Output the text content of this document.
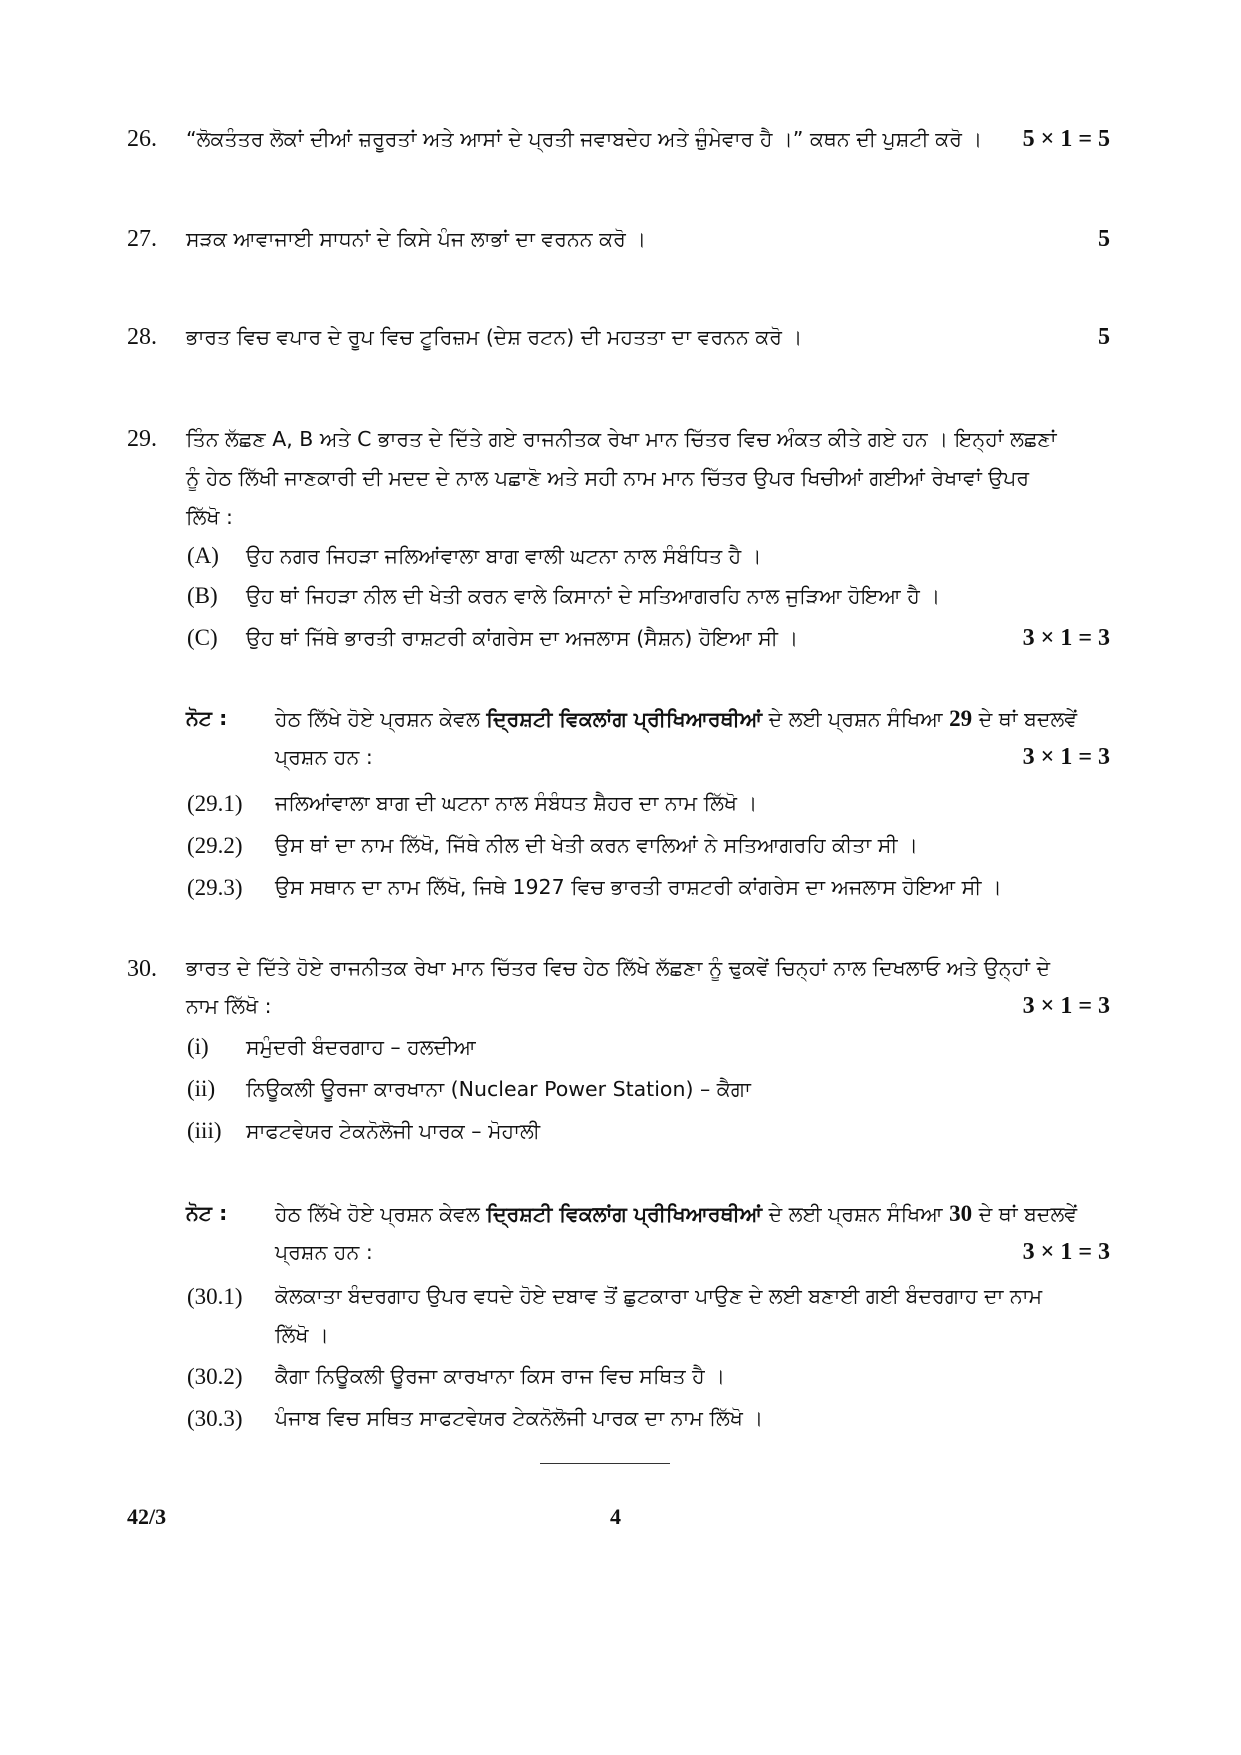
26. “ਲੋਕਤੰਤਰ ਲੋਕਾਂ ਦੀਆਂ ਜ਼ਰੂਰਤਾਂ ਅਤੇ ਆਸਾਂ ਦੇ ਪ੍ਰਤੀ ਜਵਾਬਦੇਹ ਅਤੇ ਜ਼ੁੰਮੇਵਾਰ ਹੈ ।” ਕਥਨ ਦੀ ਪੁਸ਼ਟੀ ਕਰੋ । 5 × 1 = 5
27. ਸੜਕ ਆਵਾਜਾਈ ਸਾਧਨਾਂ ਦੇ ਕਿਸੇ ਪੰਜ ਲਾਭਾਂ ਦਾ ਵਰਨਨ ਕਰੋ ।	5
28. ਭਾਰਤ ਵਿਚ ਵਪਾਰ ਦੇ ਰੂਪ ਵਿਚ ਟੂਰਿਜ਼ਮ (ਦੇਸ਼ ਰਟਨ) ਦੀ ਮਹਤਤਾ ਦਾ ਵਰਨਨ ਕਰੋ ।	5
29. ਤਿੰਨ ਲੱਛਣ A, B ਅਤੇ C ਭਾਰਤ ਦੇ ਦਿੱਤੇ ਗਏ ਰਾਜਨੀਤਕ ਰੇਖਾ ਮਾਨ ਚਿੱਤਰ ਵਿਚ ਅੰਕਤ ਕੀਤੇ ਗਏ ਹਨ । ਇਨ੍ਹਾਂ ਲਛਣਾਂ
ਨੂੰ ਹੇਠ ਲਿੱਖੀ ਜਾਣਕਾਰੀ ਦੀ ਮਦਦ ਦੇ ਨਾਲ ਪਛਾਣੋ ਅਤੇ ਸਹੀ ਨਾਮ ਮਾਨ ਚਿੱਤਰ ਉਪਰ ਖਿਚੀਆਂ ਗਈਆਂ ਰੇਖਾਵਾਂ ਉਪਰ
ਲਿੱਖੋ :
(A) ਉਹ ਨਗਰ ਜਿਹੜਾ ਜਲਿਆਂਵਾਲਾ ਬਾਗ ਵਾਲੀ ਘਟਨਾ ਨਾਲ ਸੰਬੰਧਿਤ ਹੈ ।
(B) ਉਹ ਥਾਂ ਜਿਹੜਾ ਨੀਲ ਦੀ ਖੇਤੀ ਕਰਨ ਵਾਲੇ ਕਿਸਾਨਾਂ ਦੇ ਸਤਿਆਗਰਹਿ ਨਾਲ ਜੁੜਿਆ ਹੋਇਆ ਹੈ ।
(C) ਉਹ ਥਾਂ ਜਿੱਥੇ ਭਾਰਤੀ ਰਾਸ਼ਟਰੀ ਕਾਂਗਰੇਸ ਦਾ ਅਜਲਾਸ (ਸੈਸ਼ਨ) ਹੋਇਆ ਸੀ ।	3 × 1 = 3
ਨੋਟ : ਹੇਠ ਲਿੱਖੇ ਹੋਏ ਪ੍ਰਸ਼ਨ ਕੇਵਲ ਦ੍ਰਿਸ਼ਟੀ ਵਿਕਲਾਂਗ ਪ੍ਰੀਖਿਆਰਥੀਆਂ ਦੇ ਲਈ ਪ੍ਰਸ਼ਨ ਸੰਖਿਆ 29 ਦੇ ਥਾਂ ਬਦਲਵੇਂ
ਪ੍ਰਸ਼ਨ ਹਨ :	3 × 1 = 3
(29.1) ਜਲਿਆਂਵਾਲਾ ਬਾਗ ਦੀ ਘਟਨਾ ਨਾਲ ਸੰਬੰਧਤ ਸ਼ੈਹਰ ਦਾ ਨਾਮ ਲਿੱਖੋ ।
(29.2) ਉਸ ਥਾਂ ਦਾ ਨਾਮ ਲਿੱਖੋ, ਜਿੱਥੇ ਨੀਲ ਦੀ ਖੇਤੀ ਕਰਨ ਵਾਲਿਆਂ ਨੇ ਸਤਿਆਗਰਹਿ ਕੀਤਾ ਸੀ ।
(29.3) ਉਸ ਸਥਾਨ ਦਾ ਨਾਮ ਲਿੱਖੋ, ਜਿਥੇ 1927 ਵਿਚ ਭਾਰਤੀ ਰਾਸ਼ਟਰੀ ਕਾਂਗਰੇਸ ਦਾ ਅਜਲਾਸ ਹੋਇਆ ਸੀ ।
30. ਭਾਰਤ ਦੇ ਦਿੱਤੇ ਹੋਏ ਰਾਜਨੀਤਕ ਰੇਖਾ ਮਾਨ ਚਿੱਤਰ ਵਿਚ ਹੇਠ ਲਿੱਖੇ ਲੱਛਣਾ ਨੂੰ ਢੁਕਵੇਂ ਚਿਨ੍ਹਾਂ ਨਾਲ ਦਿਖਲਾਓ ਅਤੇ ਉਨ੍ਹਾਂ ਦੇ
ਨਾਮ ਲਿੱਖੋ :	3 × 1 = 3
(i) ਸਮੁੰਦਰੀ ਬੰਦਰਗਾਹ – ਹਲਦੀਆ
(ii) ਨਿਊਕਲੀ ਊਰਜਾ ਕਾਰਖਾਨਾ (Nuclear Power Station) – ਕੈਗਾ
(iii) ਸਾਫਟਵੇਯਰ ਟੇਕਨੋਲੋਜੀ ਪਾਰਕ – ਮੋਹਾਲੀ
ਨੋਟ : ਹੇਠ ਲਿੱਖੇ ਹੋਏ ਪ੍ਰਸ਼ਨ ਕੇਵਲ ਦ੍ਰਿਸ਼ਟੀ ਵਿਕਲਾਂਗ ਪ੍ਰੀਖਿਆਰਥੀਆਂ ਦੇ ਲਈ ਪ੍ਰਸ਼ਨ ਸੰਖਿਆ 30 ਦੇ ਥਾਂ ਬਦਲਵੇਂ
ਪ੍ਰਸ਼ਨ ਹਨ :	3 × 1 = 3
(30.1) ਕੋਲਕਾਤਾ ਬੰਦਰਗਾਹ ਉਪਰ ਵਧਦੇ ਹੋਏ ਦਬਾਵ ਤੋਂ ਛੁਟਕਾਰਾ ਪਾਉਣ ਦੇ ਲਈ ਬਣਾਈ ਗਈ ਬੰਦਰਗਾਹ ਦਾ ਨਾਮ
ਲਿੱਖੋ ।
(30.2) ਕੈਗਾ ਨਿਊਕਲੀ ਊਰਜਾ ਕਾਰਖਾਨਾ ਕਿਸ ਰਾਜ ਵਿਚ ਸਥਿਤ ਹੈ ।
(30.3) ਪੰਜਾਬ ਵਿਚ ਸਥਿਤ ਸਾਫਟਵੇਯਰ ਟੇਕਨੋਲੋਜੀ ਪਾਰਕ ਦਾ ਨਾਮ ਲਿੱਖੋ ।
42/3	4
